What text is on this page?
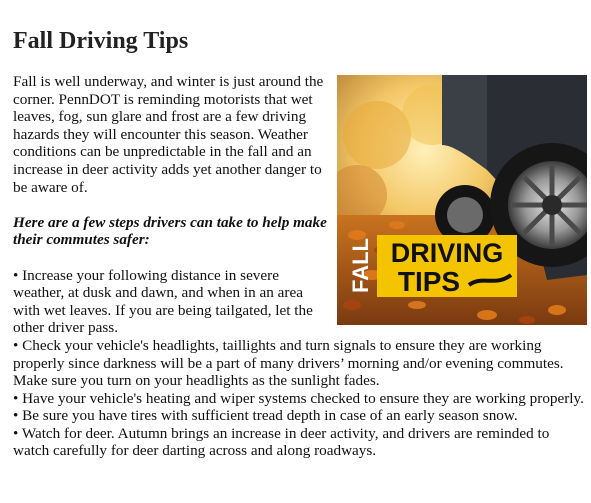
Fall Driving Tips
DRIVING
TIPS
FALL

Fall is well underway, and winter is just around the corner. PennDOT is reminding motorists that wet leaves, fog, sun glare and frost are a few driving hazards they will encounter this season. Weather conditions can be unpredictable in the fall and an increase in deer activity adds yet another danger to be aware of.

Here are a few steps drivers can take to help make their commutes safer:

• Increase your following distance in severe weather, at dusk and dawn, and when in an area with wet leaves. If you are being tailgated, let the other driver pass.

• Check your vehicle's headlights, taillights and turn signals to ensure they are working properly since darkness will be a part of many drivers’ morning and/or evening commutes. Make sure you turn on your headlights as the sunlight fades.

• Have your vehicle's heating and wiper systems checked to ensure they are working properly.

• Be sure you have tires with sufficient tread depth in case of an early season snow.

• Watch for deer. Autumn brings an increase in deer activity, and drivers are reminded to watch carefully for deer darting across and along roadways.
